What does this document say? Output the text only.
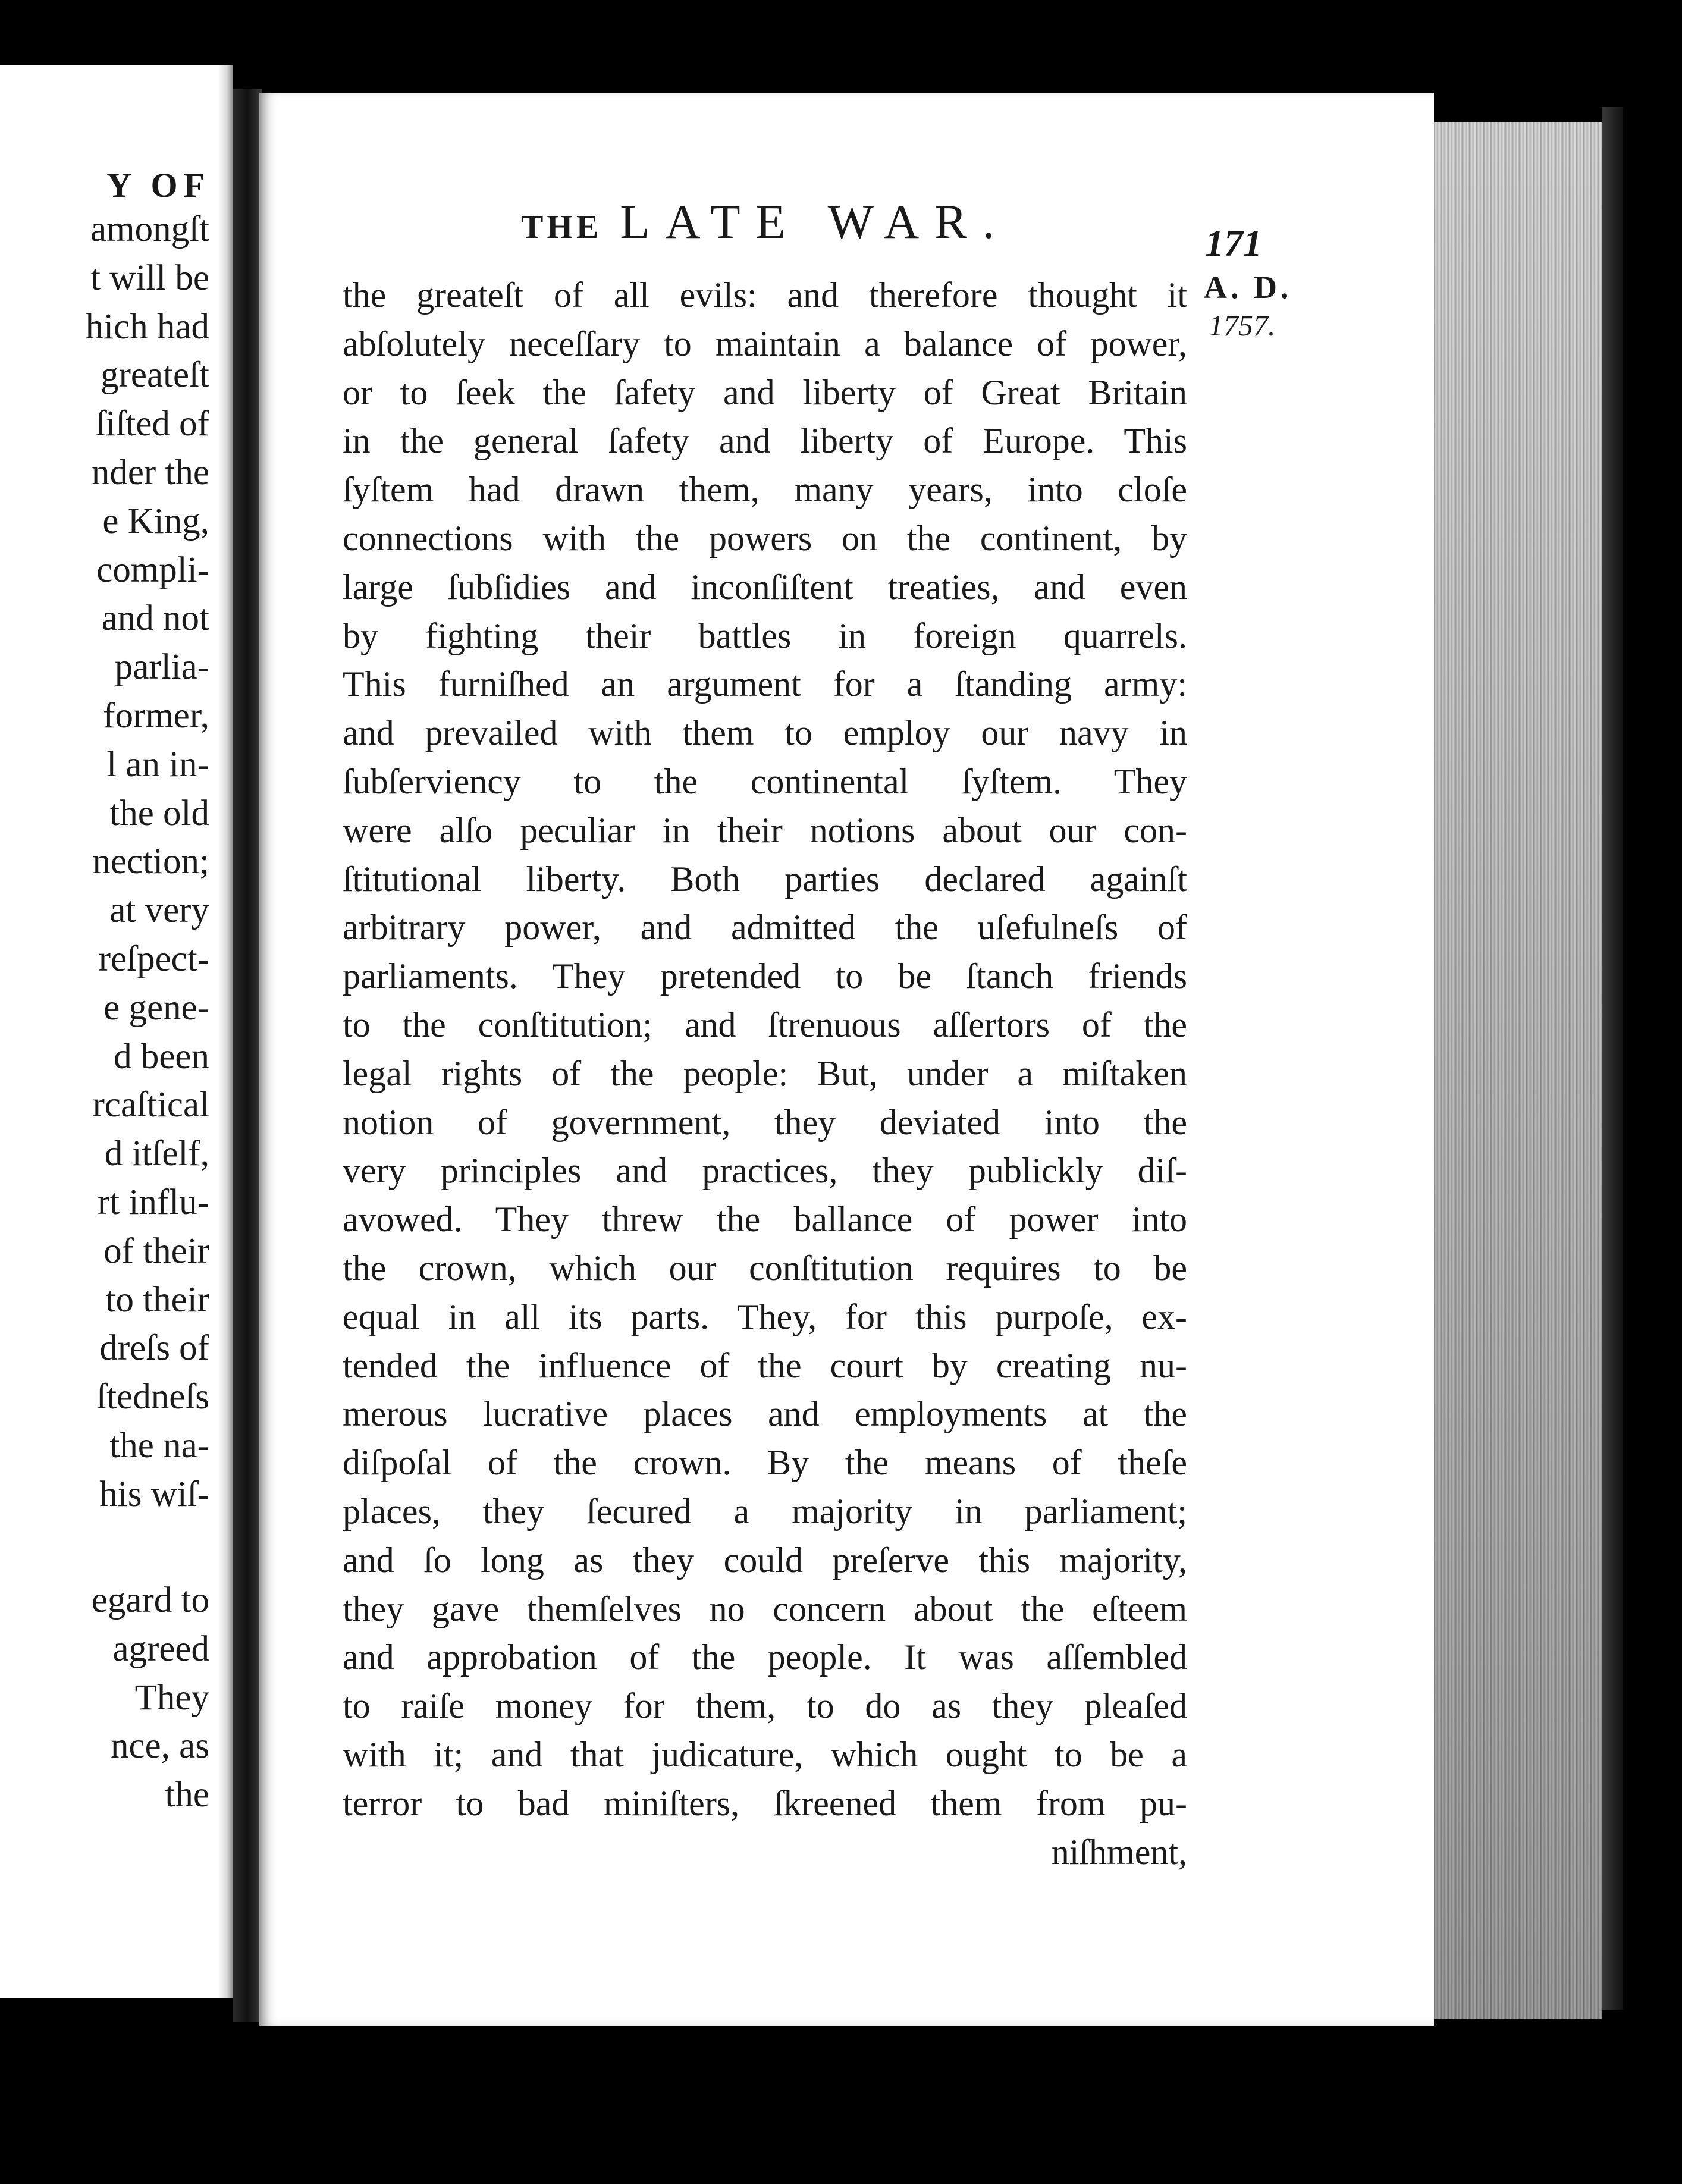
Y OF
amongſt
t will be
hich had
greateſt
ſiſted of
nder the
e King,
compli-
and not
parlia-
former,
l an in-
the old
nection;
at very
reſpect-
e gene-
d been
rcaſtical
d itſelf,
rt influ-
of their
to their
dreſs of
ſtedneſs
the na-
his wiſ-
egard to
agreed
They
nce, as
the
THE LATE WAR.	171
A. D.
1757.
the greateſt of all evils: and therefore thought it
abſolutely neceſſary to maintain a balance of power,
or to ſeek the ſafety and liberty of Great Britain
in the general ſafety and liberty of Europe. This
ſyſtem had drawn them, many years, into cloſe
connections with the powers on the continent, by
large ſubſidies and inconſiſtent treaties, and even
by fighting their battles in foreign quarrels.
This furniſhed an argument for a ſtanding army:
and prevailed with them to employ our navy in
ſubſerviency to the continental ſyſtem. They
were alſo peculiar in their notions about our con-
ſtitutional liberty. Both parties declared againſt
arbitrary power, and admitted the uſefulneſs of
parliaments. They pretended to be ſtanch friends
to the conſtitution; and ſtrenuous aſſertors of the
legal rights of the people: But, under a miſtaken
notion of government, they deviated into the
very principles and practices, they publickly diſ-
avowed. They threw the ballance of power into
the crown, which our conſtitution requires to be
equal in all its parts. They, for this purpoſe, ex-
tended the influence of the court by creating nu-
merous lucrative places and employments at the
diſpoſal of the crown. By the means of theſe
places, they ſecured a majority in parliament;
and ſo long as they could preſerve this majority,
they gave themſelves no concern about the eſteem
and approbation of the people. It was aſſembled
to raiſe money for them, to do as they pleaſed
with it; and that judicature, which ought to be a
terror to bad miniſters, ſkreened them from pu-
niſhment,
